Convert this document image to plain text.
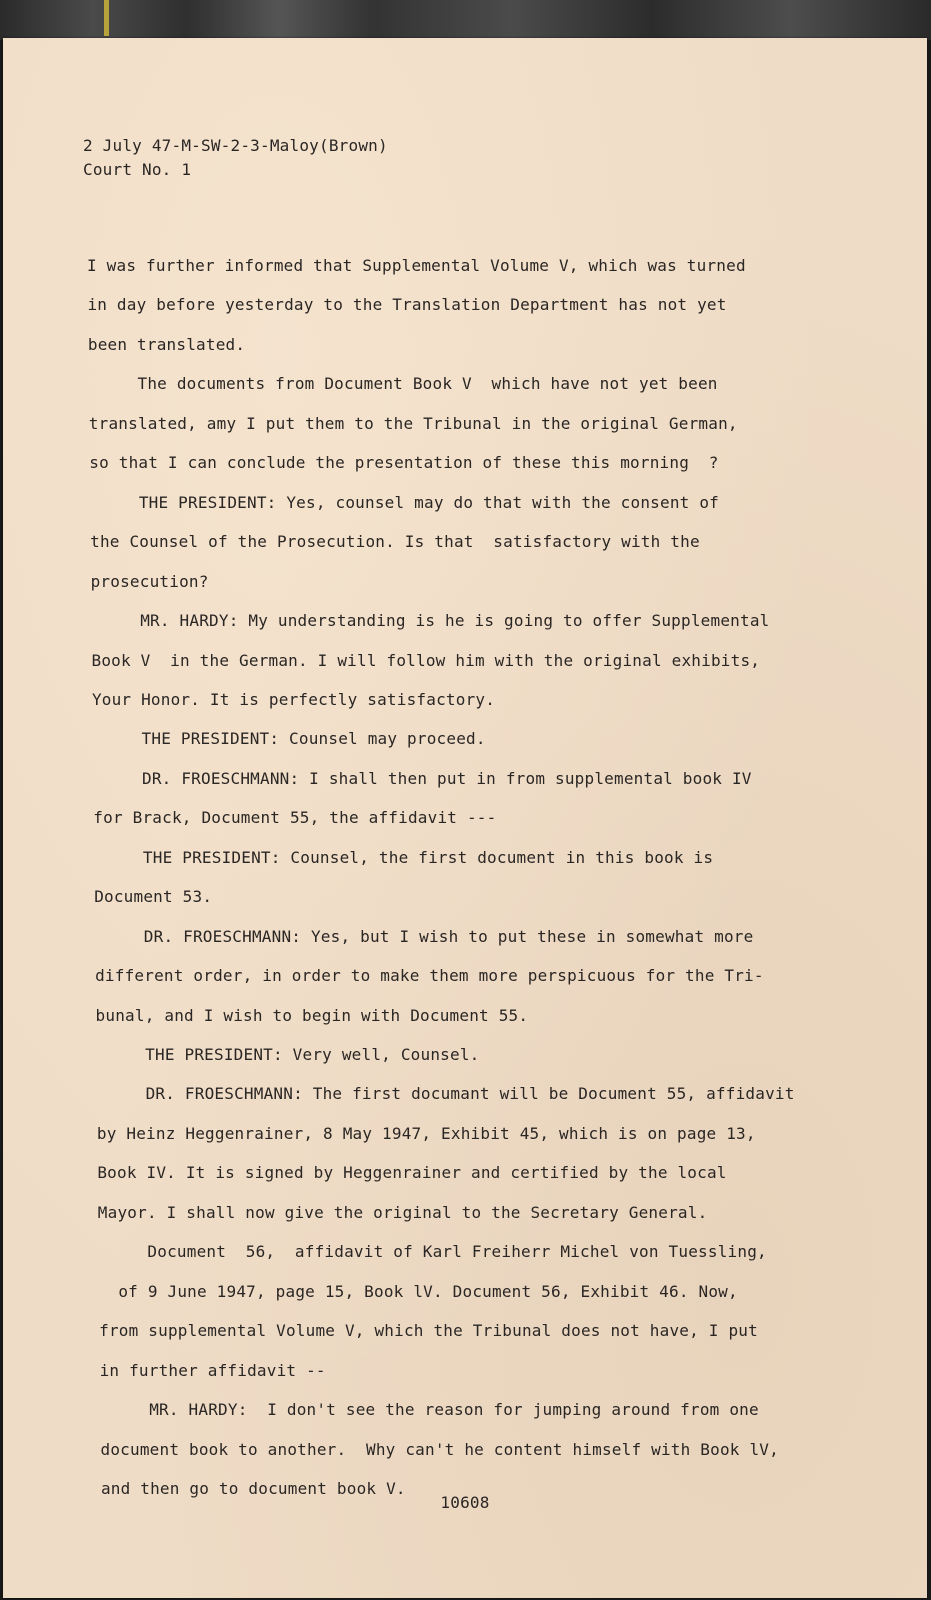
2 July 47-M-SW-2-3-Maloy(Brown)
Court No. 1
I was further informed that Supplemental Volume V, which was turned
in day before yesterday to the Translation Department has not yet
been translated.
The documents from Document Book V  which have not yet been
translated, amy I put them to the Tribunal in the original German,
so that I can conclude the presentation of these this morning  ?
THE PRESIDENT: Yes, counsel may do that with the consent of
the Counsel of the Prosecution. Is that  satisfactory with the
prosecution?
MR. HARDY: My understanding is he is going to offer Supplemental
Book V  in the German. I will follow him with the original exhibits,
Your Honor. It is perfectly satisfactory.
THE PRESIDENT: Counsel may proceed.
DR. FROESCHMANN: I shall then put in from supplemental book IV
for Brack, Document 55, the affidavit ---
THE PRESIDENT: Counsel, the first document in this book is
Document 53.
DR. FROESCHMANN: Yes, but I wish to put these in somewhat more
different order, in order to make them more perspicuous for the Tri-
bunal, and I wish to begin with Document 55.
THE PRESIDENT: Very well, Counsel.
DR. FROESCHMANN: The first documant will be Document 55, affidavit
by Heinz Heggenrainer, 8 May 1947, Exhibit 45, which is on page 13,
Book IV. It is signed by Heggenrainer and certified by the local
Mayor. I shall now give the original to the Secretary General.
Document  56,  affidavit of Karl Freiherr Michel von Tuessling,
of 9 June 1947, page 15, Book lV. Document 56, Exhibit 46. Now,
from supplemental Volume V, which the Tribunal does not have, I put
in further affidavit --
MR. HARDY:  I don't see the reason for jumping around from one
document book to another.  Why can't he content himself with Book lV,
and then go to document book V.
10608
